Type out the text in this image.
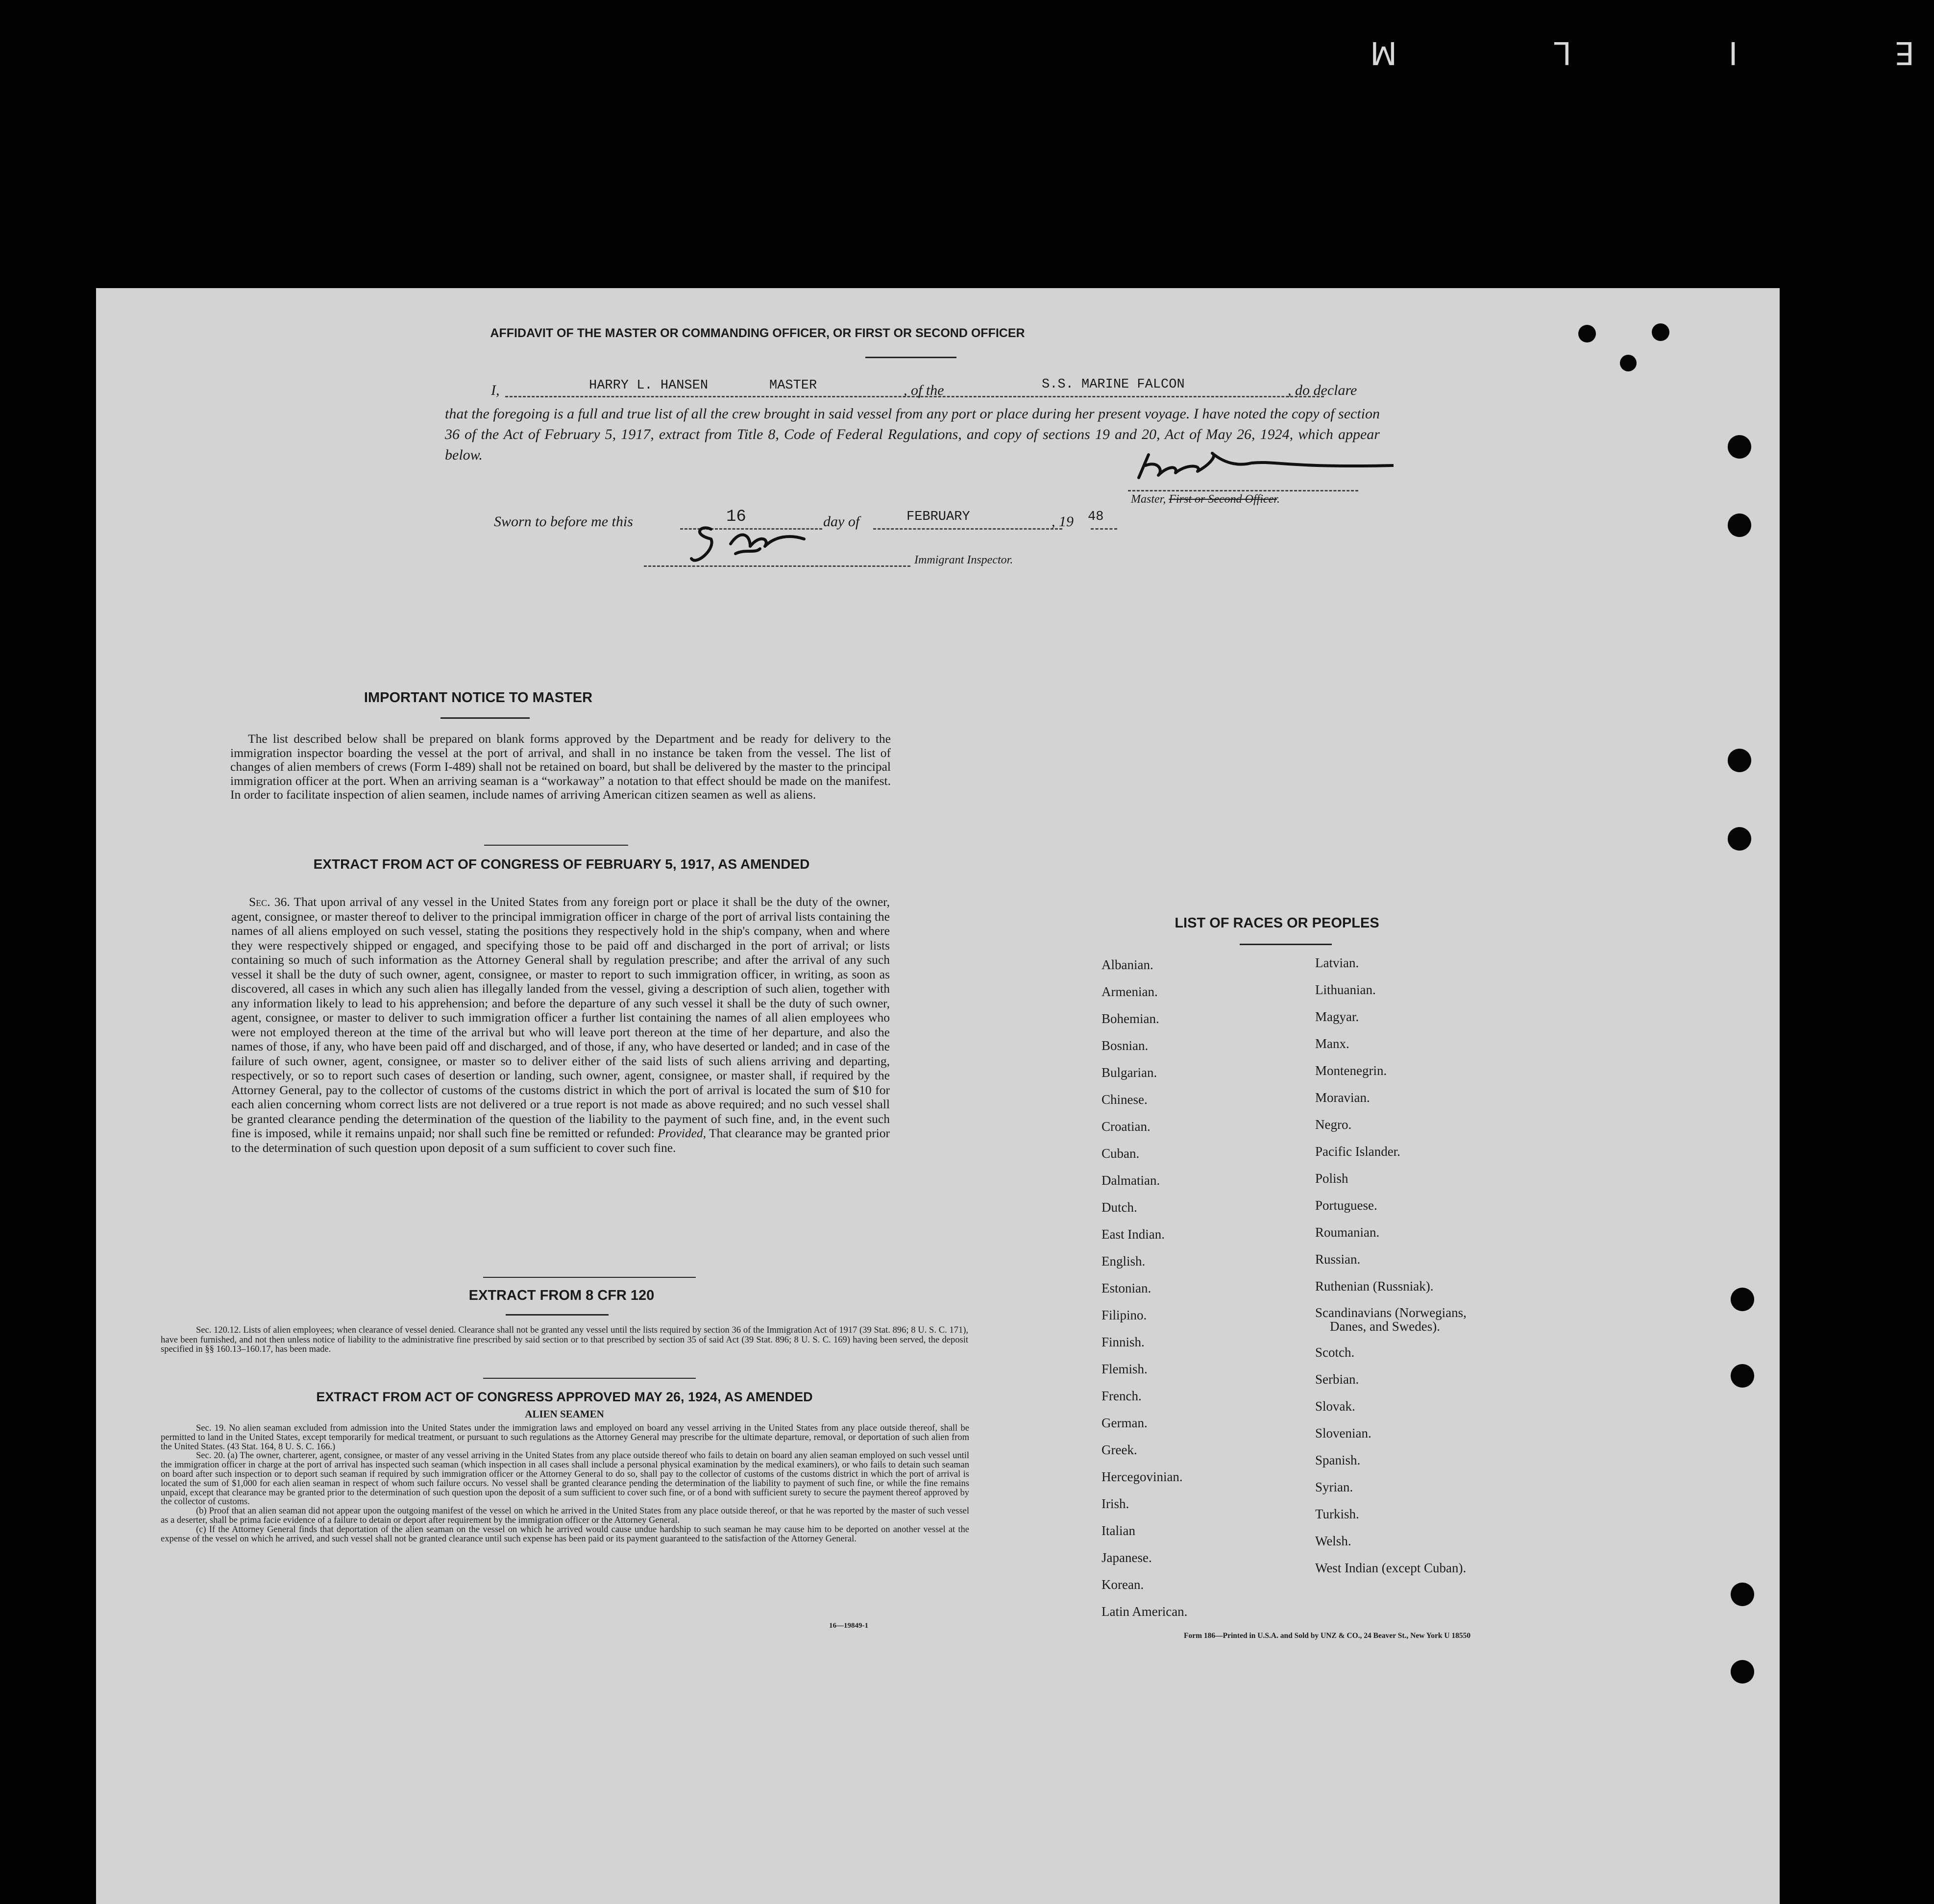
E I L M
AFFIDAVIT OF THE MASTER OR COMMANDING OFFICER, OR FIRST OR SECOND OFFICER
I,	HARRY L. HANSEN	MASTER	, of the	S.S. MARINE FALCON	, do declare
that the foregoing is a full and true list of all the crew brought in said vessel from any port or place during her present voyage. I have noted the copy of section 36 of the Act of February 5, 1917, extract from Title 8, Code of Federal Regulations, and copy of sections 19 and 20, Act of May 26, 1924, which appear below.
Master, First or Second Officer.
Sworn to before me this	16	day of	FEBRUARY	, 19 48
Immigrant Inspector.
IMPORTANT NOTICE TO MASTER
The list described below shall be prepared on blank forms approved by the Department and be ready for delivery to the immigration inspector boarding the vessel at the port of arrival, and shall in no instance be taken from the vessel. The list of changes of alien members of crews (Form I-489) shall not be retained on board, but shall be delivered by the master to the principal immigration officer at the port. When an arriving seaman is a “workaway” a notation to that effect should be made on the manifest. In order to facilitate inspection of alien seamen, include names of arriving American citizen seamen as well as aliens.
EXTRACT FROM ACT OF CONGRESS OF FEBRUARY 5, 1917, AS AMENDED
Sec. 36. That upon arrival of any vessel in the United States from any foreign port or place it shall be the duty of the owner, agent, consignee, or master thereof to deliver to the principal immigration officer in charge of the port of arrival lists containing the names of all aliens employed on such vessel, stating the positions they respectively hold in the ship's company, when and where they were respectively shipped or engaged, and specifying those to be paid off and discharged in the port of arrival; or lists containing so much of such information as the Attorney General shall by regulation prescribe; and after the arrival of any such vessel it shall be the duty of such owner, agent, consignee, or master to report to such immigration officer, in writing, as soon as discovered, all cases in which any such alien has illegally landed from the vessel, giving a description of such alien, together with any information likely to lead to his apprehension; and before the departure of any such vessel it shall be the duty of such owner, agent, consignee, or master to deliver to such immigration officer a further list containing the names of all alien employees who were not employed thereon at the time of the arrival but who will leave port thereon at the time of her departure, and also the names of those, if any, who have been paid off and discharged, and of those, if any, who have deserted or landed; and in case of the failure of such owner, agent, consignee, or master so to deliver either of the said lists of such aliens arriving and departing, respectively, or so to report such cases of desertion or landing, such owner, agent, consignee, or master shall, if required by the Attorney General, pay to the collector of customs of the customs district in which the port of arrival is located the sum of $10 for each alien concerning whom correct lists are not delivered or a true report is not made as above required; and no such vessel shall be granted clearance pending the determination of the question of the liability to the payment of such fine, and, in the event such fine is imposed, while it remains unpaid; nor shall such fine be remitted or refunded: Provided, That clearance may be granted prior to the determination of such question upon deposit of a sum sufficient to cover such fine.
EXTRACT FROM 8 CFR 120
Sec. 120.12. Lists of alien employees; when clearance of vessel denied. Clearance shall not be granted any vessel until the lists required by section 36 of the Immigration Act of 1917 (39 Stat. 896; 8 U. S. C. 171), have been furnished, and not then unless notice of liability to the administrative fine prescribed by said section or to that prescribed by section 35 of said Act (39 Stat. 896; 8 U. S. C. 169) having been served, the deposit specified in §§ 160.13–160.17, has been made.
EXTRACT FROM ACT OF CONGRESS APPROVED MAY 26, 1924, AS AMENDED
ALIEN SEAMEN
Sec. 19. No alien seaman excluded from admission into the United States under the immigration laws and employed on board any vessel arriving in the United States from any place outside thereof, shall be permitted to land in the United States, except temporarily for medical treatment, or pursuant to such regulations as the Attorney General may prescribe for the ultimate departure, removal, or deportation of such alien from the United States. (43 Stat. 164, 8 U. S. C. 166.)
Sec. 20. (a) The owner, charterer, agent, consignee, or master of any vessel arriving in the United States from any place outside thereof who fails to detain on board any alien seaman employed on such vessel until the immigration officer in charge at the port of arrival has inspected such seaman (which inspection in all cases shall include a personal physical examination by the medical examiners), or who fails to detain such seaman on board after such inspection or to deport such seaman if required by such immigration officer or the Attorney General to do so, shall pay to the collector of customs of the customs district in which the port of arrival is located the sum of $1,000 for each alien seaman in respect of whom such failure occurs. No vessel shall be granted clearance pending the determination of the liability to payment of such fine, or while the fine remains unpaid, except that clearance may be granted prior to the determination of such question upon the deposit of a sum sufficient to cover such fine, or of a bond with sufficient surety to secure the payment thereof approved by the collector of customs.
(b) Proof that an alien seaman did not appear upon the outgoing manifest of the vessel on which he arrived in the United States from any place outside thereof, or that he was reported by the master of such vessel as a deserter, shall be prima facie evidence of a failure to detain or deport after requirement by the immigration officer or the Attorney General.
(c) If the Attorney General finds that deportation of the alien seaman on the vessel on which he arrived would cause undue hardship to such seaman he may cause him to be deported on another vessel at the expense of the vessel on which he arrived, and such vessel shall not be granted clearance until such expense has been paid or its payment guaranteed to the satisfaction of the Attorney General.
16—19849-1
LIST OF RACES OR PEOPLES
Albanian.
Armenian.
Bohemian.
Bosnian.
Bulgarian.
Chinese.
Croatian.
Cuban.
Dalmatian.
Dutch.
East Indian.
English.
Estonian.
Filipino.
Finnish.
Flemish.
French.
German.
Greek.
Hercegovinian.
Irish.
Italian
Japanese.
Korean.
Latin American.
Latvian.
Lithuanian.
Magyar.
Manx.
Montenegrin.
Moravian.
Negro.
Pacific Islander.
Polish
Portuguese.
Roumanian.
Russian.
Ruthenian (Russniak).
Scandinavians (Norwegians,
Danes, and Swedes).
Scotch.
Serbian.
Slovak.
Slovenian.
Spanish.
Syrian.
Turkish.
Welsh.
West Indian (except Cuban).
Form 186—Printed in U.S.A. and Sold by UNZ & CO., 24 Beaver St., New York U 18550
